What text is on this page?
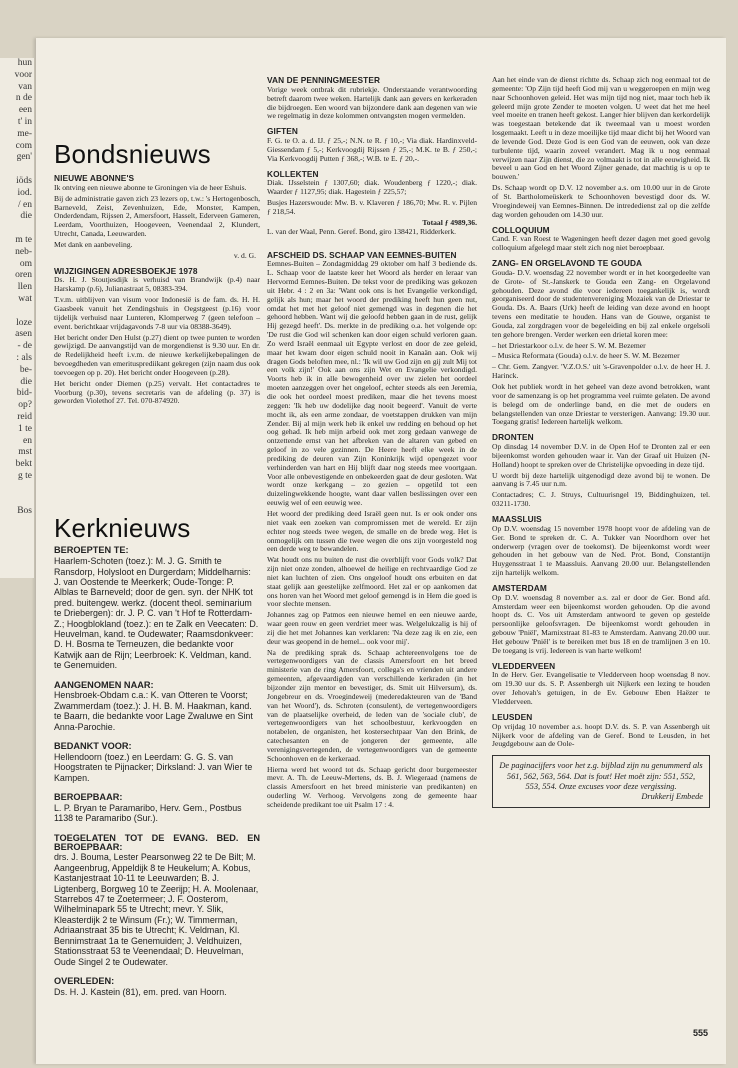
Bondsnieuws
NIEUWE ABONNE'S

Ik ontving een nieuwe abonne te Groningen via de heer Eshuis.

Bij de administratie gaven zich 23 lezers op, t.w.: 's Hertogenbosch, Barneveld, Zeist, Zevenhuizen, Ede, Monster, Kampen, Onderdendam, Rijssen 2, Amersfoort, Hasselt, Ederveen Gameren, Leerdam, Voorthuizen, Hoogeveen, Veenendaal 2, Klundert, Utrecht, Canada, Leeuwarden.

Met dank en aanbeveling.

v. d. G.
WIJZIGINGEN ADRESBOEKJE 1978

Ds. H. J. Stoutjesdijk is verhuisd van Brandwijk (p.4) naar Harskamp (p.6), Julianastraat 5, 08383-394.

T.v.m. uitblijven van visum voor Indonesië is de fam. ds. H. H. Gaasbeek vanuit het Zendingshuis in Oegstgeest (p.16) voor tijdelijk verhuisd naar Lunteren, Klomperweg 7 (geen telefoon – event. berichtkaar vrijdagavonds 7-8 uur via 08388-3649).

Het bericht onder Den Hulst (p.27) dient op twee punten te worden gewijzigd. De aanvangstijd van de morgendienst is 9.30 uur. En dr. de Redelijkheid heeft i.v.m. de nieuwe kerkelijkebepalingen de bevoegdheden van emeritusprediikant gekregen (zijn naam dus ook toevoegen op p. 20). Het bericht onder Hoogeveen (p.28).

Het bericht onder Diemen (p.25) vervalt. Het contactadres te Voorburg (p.30), tevens secretaris van de afdeling (p. 37) is geworden Violethof 27. Tel. 070-874920.

Kerknieuws
BEROEPTEN TE:

Haarlem-Schoten (toez.): M. J. G. Smith te Ransdorp, Holysloot en Durgerdam; Middelharnis: J. van Oostende te Meerkerk; Oude-Tonge: P. Alblas te Barneveld; door de gen. syn. der NHK tot pred. buitengew. werkz. (docent theol. seminarium te Driebergen): dr. J. P. C. van 't Hof te Rotterdam-Z.; Hoogblokland (toez.): en te Zalk en Veecaten: D. Heuvelman, kand. te Oudewater; Raamsdonkveer: D. H. Bosma te Terneuzen, die bedankte voor Katwijk aan de Rijn; Leerbroek: K. Veldman, kand. te Genemuiden.

AANGENOMEN NAAR:

Hensbroek-Obdam c.a.: K. van Otteren te Voorst; Zwammerdam (toez.): J. H. B. M. Haakman, kand. te Baarn, die bedankte voor Lage Zwaluwe en Sint Anna-Parochie.

BEDANKT VOOR:

Hellendoorn (toez.) en Leerdam: G. G. S. van Hoogstraten te Pijnacker; Dirksland: J. van Wier te Kampen.

BEROEPBAAR:

L. P. Bryan te Paramaribo, Herv. Gem., Postbus 1138 te Paramaribo (Sur.).

TOEGELATEN TOT DE EVANG. BED. EN BEROEPBAAR:

drs. J. Bouma, Lester Pearsonweg 22 te De Bilt; M. Aangeenbrug, Appeldijk 8 te Heukelum; A. Kobus, Kastanjestraat 10-11 te Leeuwarden; B. J. Ligtenberg, Borgweg 10 te Zeerijp; H. A. Moolenaar, Starrebos 47 te Zoetermeer; J. F. Oosterom, Wilhelminapark 55 te Utrecht; mevr. Y. Slik, Kleasterdijk 2 te Winsum (Fr.); W. Timmerman, Adriaanstraat 35 bis te Utrecht; K. Veldman, Kl. Bennimstraat 1a te Genemuiden; J. Veldhuizen, Stationsstraat 53 te Veenendaal; D. Heuvelman, Oude Singel 2 te Oudewater.

OVERLEDEN:

Ds. H. J. Kastein (81), em. pred. van Hoorn.

VAN DE PENNINGMEESTER

Vorige week ontbrak dit rubriekje. Onderstaande verantwoording betreft daarom twee weken. Hartelijk dank aan gevers en kerkeraden die bijdroegen. Een woord van bijzondere dank aan degenen van wie we regelmatig in deze kolommen ontvangsten mogen vermelden.

GIFTEN

F. G. te O. a. d. IJ. ƒ 25,-; N.N. te R. ƒ 10,-; Via diak. Hardinxveld-Giessendam ƒ 5,-; Kerkvoogdij Rijssen ƒ 25,-; M.K. te B. ƒ 250,-; Via Kerkvoogdij Putten ƒ 368,-; W.B. te E. ƒ 20,-.

KOLLEKTEN

Diak. IJsselstein ƒ 1307,60; diak. Woudenberg ƒ 1220,-; diak. Waarder ƒ 1127,95; diak. Hagestein ƒ 225,57;

Busjes Hazerswoude: Mw. B. v. Klaveren ƒ 186,70; Mw. R. v. Pijlen ƒ 218,54.

Totaal ƒ 4989,36.

L. van der Waal, Penn. Geref. Bond, giro 138421, Ridderkerk.

AFSCHEID DS. SCHAAP VAN EEMNES-BUITEN

Eemnes-Buiten – Zondagmiddag 29 oktober om half 3 bediende ds. L. Schaap voor de laatste keer het Woord als herder en leraar van Hervormd Eemnes-Buiten. De tekst voor de prediking was gekozen uit Hebr. 4 : 2 en 3a: 'Want ook ons is het Evangelie verkondigd, gelijk als hun; maar het woord der prediking heeft hun geen nut, omdat het met het geloof niet gemengd was in degenen die het gehoord hebben. Want wij die geloofd hebben gaan in de rust, gelijk Hij gezegd heeft'. Ds. merkte in de prediking o.a. het volgende op: 'De rust die God wil schenken kan door eigen schuld verloren gaan. Zo werd Israël eenmaal uit Egypte verlost en door de zee geleid, maar het kwam door eigen schuld nooit in Kanaän aan. Ook wij dragen Gods beloften mee, nl.: 'Ik wil uw God zijn en gij zult Mij tot een volk zijn!' Ook aan ons zijn Wet en Evangelie verkondigd. Voorts heb ik in alle bewogenheid over uw zielen het oordeel moeten aanzeggen over het ongeloof, echter steeds als een Jeremia, die ook het oordeel moest prediken, maar die het tevens moest zeggen: 'Ik heb uw dodelijke dag nooit begeerd'. Vanuit de verte mocht ik, als een arme zondaar, de voetstappen drukken van mijn Zender. Bij al mijn werk heb ik enkel uw redding en behoud op het oog gehad. Ik heb mijn arbeid ook met zorg gedaan vanwege de ontzettende ernst van het afbreken van de altaren van gebed en geloof in zo vele gezinnen. De Heere heeft elke week in de prediking de deuren van Zijn Koninkrijk wijd opengezet voor verhinderden van hart en Hij blijft daar nog steeds mee voortgaan. Voor alle onbevestigende en onbekeerden gaat de deur gesloten. Wat wordt onze kerkgang – zo gezien – opgetild tot een duizelingwekkende hoogte, want daar vallen beslissingen over een eeuwig wel of een eeuwig wee.

Het woord der prediking deed Israël geen nut. Is er ook onder ons niet vaak een zoeken van compromissen met de wereld. Er zijn echter nog steeds twee wegen, de smalle en de brede weg. Het is onmogelijk om tussen die twee wegen die ons zijn voorgesteld nog een derde weg te bewandelen.

Wat houdt ons nu buiten de rust die overblijft voor Gods volk? Dat zijn niet onze zonden, alhoewel de heilige en rechtvaardige God ze niet kan luchten of zien. Ons ongeloof houdt ons erbuiten en dat staat gelijk aan geestelijke zelfmoord. Het zal er op aankomen dat ons horen van het Woord met geloof gemengd is in Hem die goed is voor slechte mensen.

Johannes zag op Patmos een nieuwe hemel en een nieuwe aarde, waar geen rouw en geen verdriet meer was. Welgelukzalig is hij of zij die het met Johannes kan verklaren: 'Na deze zag ik en zie, een deur was geopend in de hemel... ook voor mij'.

Na de prediking sprak ds. Schaap achtereenvolgens toe de vertegenwoordigers van de classis Amersfoort en het breed ministerie van de ring Amersfoort, collega's en vrienden uit andere gemeenten, afgevaardigden van verschillende kerkraden (in het bijzonder zijn mentor en bevestiger, ds. Smit uit Hilversum), ds. Jongebreur en ds. Vroegindeweij (mederedakteuren van de 'Band van het Woord'), ds. Schroten (consulent), de vertegenwoordigers van de plaatselijke overheid, de leden van de 'sociale club', de vertegenwoordigers van het schoolbestuur, kerkvoogden en notabelen, de organisten, het kostersechtpaar Van den Brink, de catechesanten en de jongeren der gemeente, alle verenigingsvertegenden, de vertegenwoordigers van de gemeente Schoonhoven en de kerkeraad.

Hierna werd het woord tot ds. Schaap gericht door burgemeester mevr. A. Th. de Leeuw-Mertens, ds. B. J. Wiegeraad (namens de classis Amersfoort en het breed ministerie van predikanten) en ouderling W. Verhoog. Vervolgens zong de gemeente haar scheidende predikant toe uit Psalm 17 : 4.

Aan het einde van de dienst richtte ds. Schaap zich nog eenmaal tot de gemeente: 'Op Zijn tijd heeft God mij van u weggeroepen en mijn weg naar Schoonhoven geleid. Het was mijn tijd nog niet, maar toch heb ik geleerd mijn grote Zender te moeten volgen. U weet dat het me heel veel moeite en tranen heeft gekost. Langer hier blijven dan kerkordelijk was toegestaan betekende dat ik tweemaal van u moest worden losgemaakt. Leeft u in deze moeilijke tijd maar dicht bij het Woord van de levende God. Deze God is een God van de eeuwen, ook van deze turbulente tijd, waarin zoveel verandert. Mag ik u nog eenmaal verwijzen naar Zijn dienst, die zo volmaakt is tot in alle eeuwigheid. Ik beveel u aan God en het Woord Zijner genade, dat machtig is u op te bouwen.'

Ds. Schaap wordt op D.V. 12 november a.s. om 10.00 uur in de Grote of St. Bartholomeüskerk te Schoonhoven bevestigd door ds. W. Vroegindeweij van Eemnes-Binnen. De intrededienst zal op die zelfde dag worden gehouden om 14.30 uur.

COLLOQUIUM

Cand. F. van Roest te Wageningen heeft dezer dagen met goed gevolg colloquium afgelegd maar stelt zich nog niet beroepbaar.

ZANG- EN ORGELAVOND TE GOUDA

Gouda- D.V. woensdag 22 november wordt er in het koorgedeelte van de Grote- of St.-Janskerk te Gouda een Zang- en Orgelavond gehouden. Deze avond die voor iedereen toegankelijk is, wordt georganiseerd door de studentenvereniging Mozaiek van de Driestar te Gouda. Ds. A. Baars (Urk) heeft de leiding van deze avond en hoopt tevens een meditatie te houden. Hans van de Gouwe, organist te Gouda, zal zorgdragen voor de begeleiding en bij zal enkele orgelsoli ten gehore brengen. Verder werken een drietal koren mee:

– het Driestarkoor o.l.v. de heer S. W. M. Bezemer

– Musica Reformata (Gouda) o.l.v. de heer S. W. M. Bezemer

– Chr. Gem. Zangver. 'V.Z.O.S.' uit 's-Gravenpolder o.l.v. de heer H. J. Harinck.

Ook het publiek wordt in het geheel van deze avond betrokken, want voor de samenzang is op het programma veel ruimte gelaten. De avond is belegd om de onderlinge band, en die met de ouders en belangstellenden van onze Driestar te versterigen. Aanvang: 19.30 uur. Toegang gratis! Iedereen hartelijk welkom.

DRONTEN

Op dinsdag 14 november D.V. in de Open Hof te Dronten zal er een bijeenkomst worden gehouden waar ir. Van der Graaf uit Huizen (N-Holland) hoopt te spreken over de Christelijke opvoeding in deze tijd.

U wordt bij deze hartelijk uitgenodigd deze avond bij te wonen. De aanvang is 7.45 uur n.m.

Contactadres; C. J. Struys, Cultuurisngel 19, Biddinghuizen, tel. 03211-1730.

MAASSLUIS

Op D.V. woensdag 15 november 1978 hoopt voor de afdeling van de Ger. Bond te spreken dr. C. A. Tukker van Noordhorn over het onderwerp (vragen over de toekomst). De bijeenkomst wordt weer gehouden in het gebouw van de Ned. Prot. Bond, Constantijn Huygensstraat 1 te Maassluis. Aanvang 20.00 uur. Belangstellenden zijn hartelijk welkom.

AMSTERDAM

Op D.V. woensdag 8 november a.s. zal er door de Ger. Bond afd. Amsterdam weer een bijeenkomst worden gehouden. Op die avond hoopt ds. C. Vos uit Amsterdam antwoord te geven op gestelde persoonlijke geloofsvragen. De bijeenkomst wordt gehouden in gebouw 'Pniël', Marnixstraat 81-83 te Amsterdam. Aanvang 20.00 uur. Het gebouw 'Pniël' is te bereiken met bus 18 en de tramlijnen 3 en 10. De toegang is vrij. Iedereen is van harte welkom!

VLEDDERVEEN

In de Herv. Ger. Evangelisatie te Vledderveen hoop woensdag 8 nov. om 19.30 uur ds. S. P. Assenbergh uit Nijkerk een lezing te houden over Jehovah's getuigen, in de Ev. Gebouw Eben Haëzer te Vledderveen.

LEUSDEN

Op vrijdag 10 november a.s. hoopt D.V. ds. S. P. van Assenbergh uit Nijkerk voor de afdeling van de Geref. Bond te Leusden, in het Jeugdgebouw aan de Oole-

De paginacijfers voor het z.g. bijblad zijn nu genummerd als 561, 562, 563, 564. Dat is fout! Het moët zijn: 551, 552, 553, 554. Onze excuses voor deze vergissing.
Drukkerij Embede
555
hun
voor
van
n de
een
t' in
me-
com
gen'

iöds
iod.
/ en
die

m te
neb-
om
oren
llen
wat

loze
asen
- de
: als
be-
die
bid-
op?
reid
1 te
en
mst
bekt
g te

Bos
